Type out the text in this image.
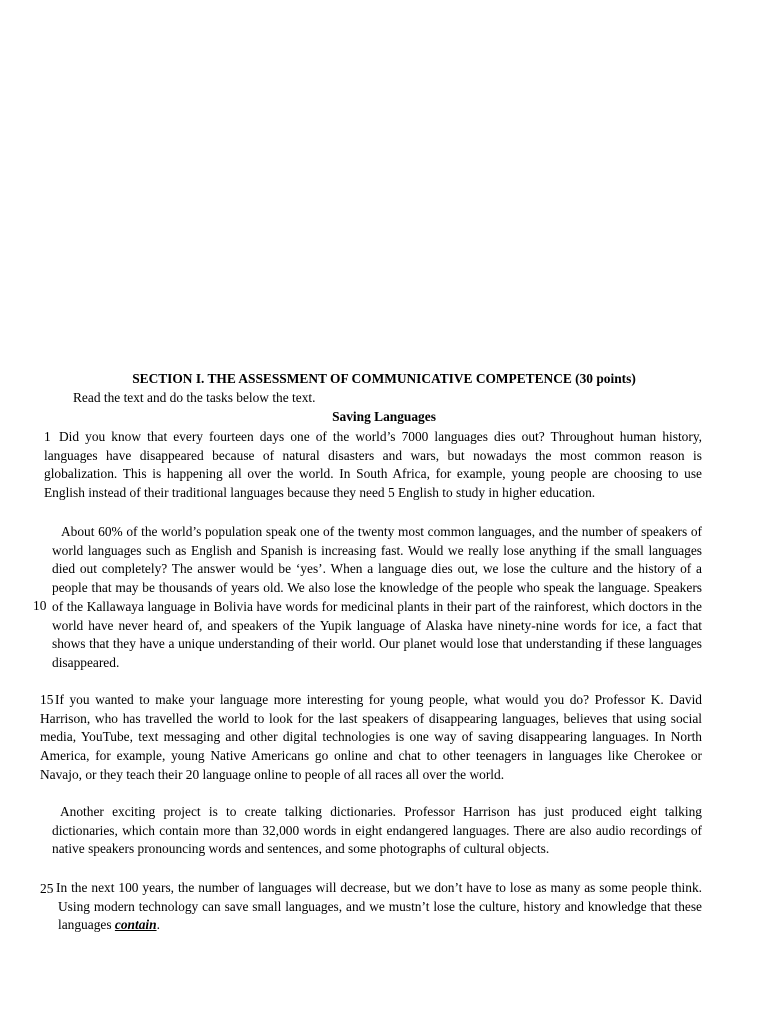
SECTION I. THE ASSESSMENT OF COMMUNICATIVE COMPETENCE (30 points)
Read the text and do the tasks below the text.
Saving Languages
1 Did you know that every fourteen days one of the world’s 7000 languages dies out? Throughout human history, languages have disappeared because of natural disasters and wars, but nowadays the most common reason is globalization. This is happening all over the world. In South Africa, for example, young people are choosing to use English instead of their traditional languages because they need 5 English to study in higher education.
About 60% of the world’s population speak one of the twenty most common languages, and the number of speakers of world languages such as English and Spanish is increasing fast. Would we really lose anything if the small languages died out completely? The answer would be ‘yes’. When a language dies out, we lose the culture and the history of a people that may be thousands of years old. We also lose the knowledge of the people who speak the language. Speakers of the Kallawaya language in Bolivia have words for medicinal plants in their part of the rainforest, which doctors in the world have never heard of, and speakers of the Yupik language of Alaska have ninety-nine words for ice, a fact that shows that they have a unique understanding of their world. Our planet would lose that understanding if these languages disappeared.
10
15 If you wanted to make your language more interesting for young people, what would you do? Professor K. David Harrison, who has travelled the world to look for the last speakers of disappearing languages, believes that using social media, YouTube, text messaging and other digital technologies is one way of saving disappearing languages. In North America, for example, young Native Americans go online and chat to other teenagers in languages like Cherokee or Navajo, or they teach their 20 language online to people of all races all over the world.
Another exciting project is to create talking dictionaries. Professor Harrison has just produced eight talking dictionaries, which contain more than 32,000 words in eight endangered languages. There are also audio recordings of native speakers pronouncing words and sentences, and some photographs of cultural objects.
25 In the next 100 years, the number of languages will decrease, but we don’t have to lose as many as some people think. Using modern technology can save small languages, and we mustn’t lose the culture, history and knowledge that these languages contain.
